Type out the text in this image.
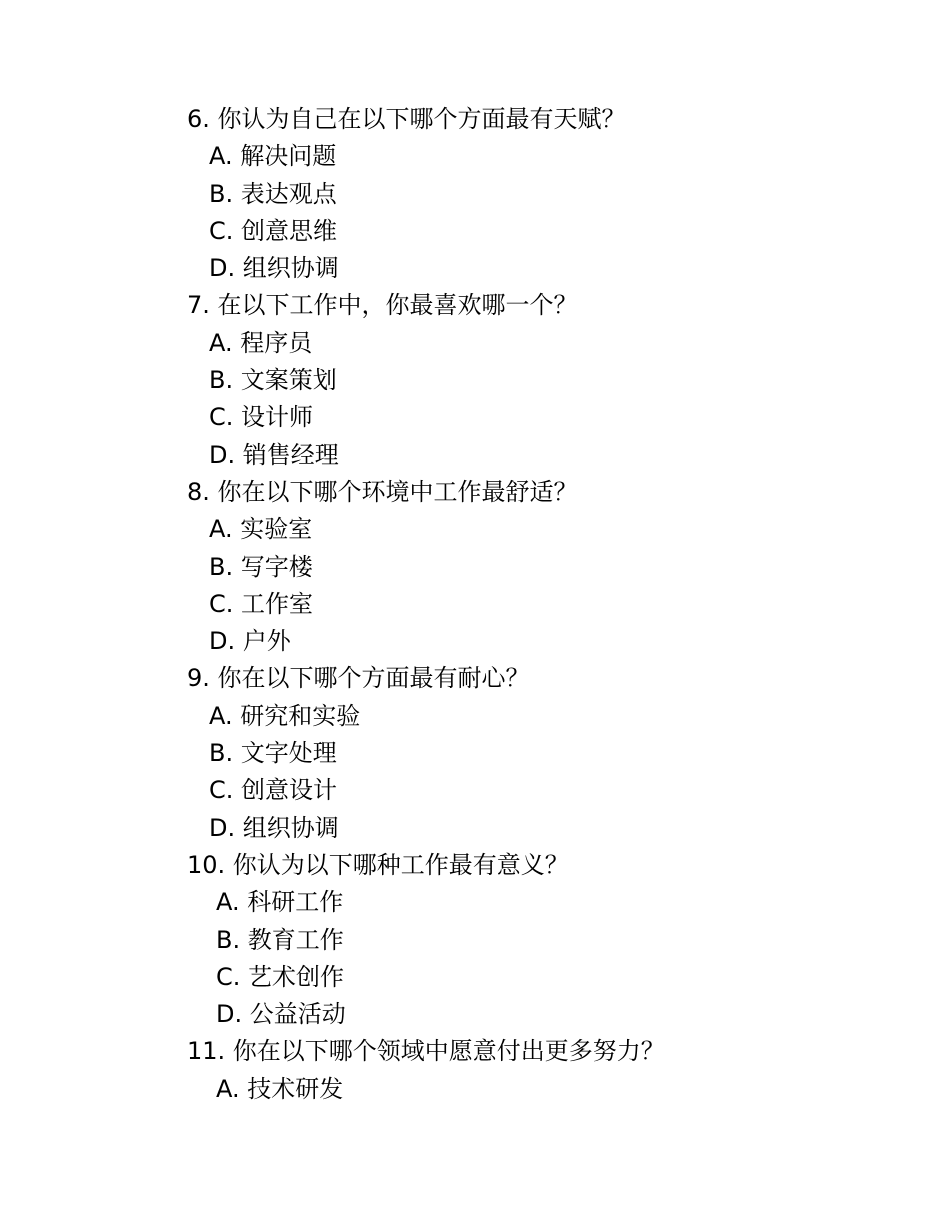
6. 你认为自己在以下哪个方面最有天赋？
A. 解决问题
B. 表达观点
C. 创意思维
D. 组织协调
7. 在以下工作中，你最喜欢哪一个？
A. 程序员
B. 文案策划
C. 设计师
D. 销售经理
8. 你在以下哪个环境中工作最舒适？
A. 实验室
B. 写字楼
C. 工作室
D. 户外
9. 你在以下哪个方面最有耐心？
A. 研究和实验
B. 文字处理
C. 创意设计
D. 组织协调
10. 你认为以下哪种工作最有意义？
A. 科研工作
B. 教育工作
C. 艺术创作
D. 公益活动
11. 你在以下哪个领域中愿意付出更多努力？
A. 技术研发
